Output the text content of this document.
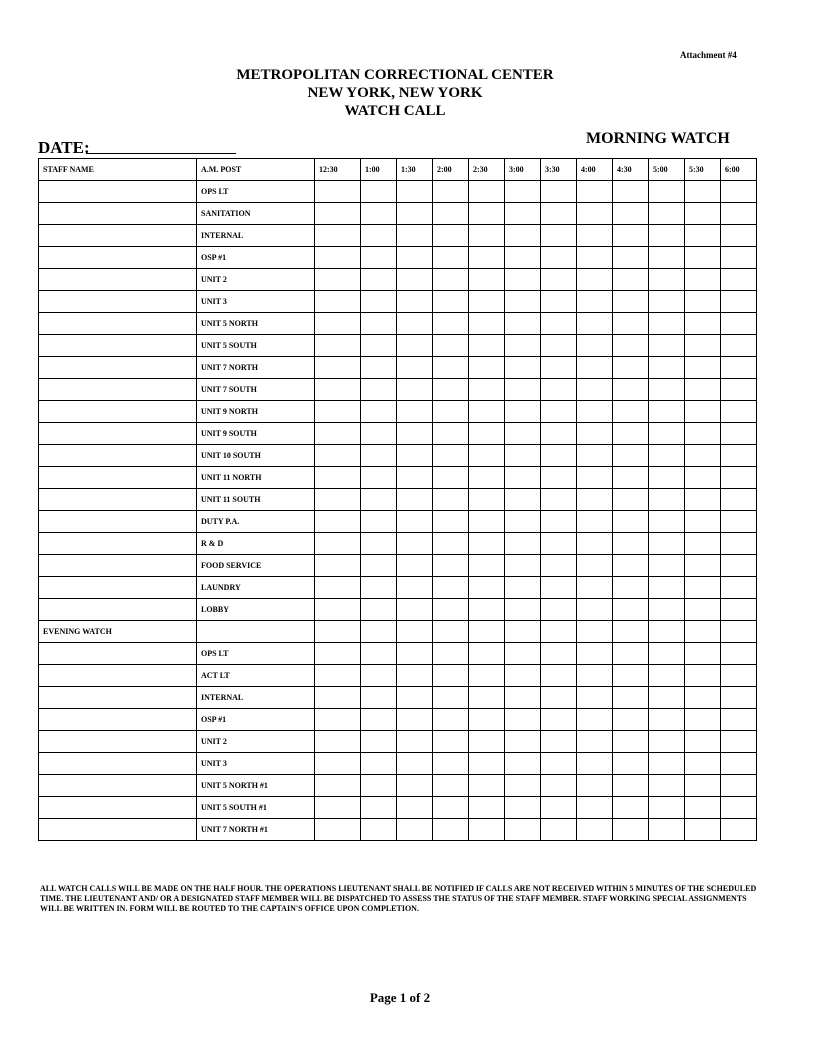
Attachment #4
METROPOLITAN CORRECTIONAL CENTER
NEW YORK, NEW YORK
WATCH CALL
DATE:	MORNING WATCH
STAFF NAME	A.M. POST	12:30	1:00	1:30	2:00	2:30	3:00	3:30	4:00	4:30	5:00	5:30	6:00
	OPS LT												
	SANITATION												
	INTERNAL												
	OSP #1												
	UNIT 2												
	UNIT 3												
	UNIT 5 NORTH												
	UNIT 5 SOUTH												
	UNIT 7 NORTH												
	UNIT 7 SOUTH												
	UNIT 9 NORTH												
	UNIT 9 SOUTH												
	UNIT 10 SOUTH												
	UNIT 11 NORTH												
	UNIT 11 SOUTH												
	DUTY P.A.												
	R & D												
	FOOD SERVICE												
	LAUNDRY												
	LOBBY												
EVENING WATCH													
	OPS LT												
	ACT LT												
	INTERNAL												
	OSP #1												
	UNIT 2												
	UNIT 3												
	UNIT 5 NORTH #1												
	UNIT 5 SOUTH #1												
	UNIT 7 NORTH #1												
ALL WATCH CALLS WILL BE MADE ON THE HALF HOUR. THE OPERATIONS LIEUTENANT SHALL BE NOTIFIED IF CALLS ARE NOT RECEIVED WITHIN 5 MINUTES OF THE SCHEDULED TIME. THE LIEUTENANT AND/ OR A DESIGNATED STAFF MEMBER WILL BE DISPATCHED TO ASSESS THE STATUS OF THE STAFF MEMBER. STAFF WORKING SPECIAL ASSIGNMENTS WILL BE WRITTEN IN. FORM WILL BE ROUTED TO THE CAPTAIN'S OFFICE UPON COMPLETION.
Page 1 of 2
